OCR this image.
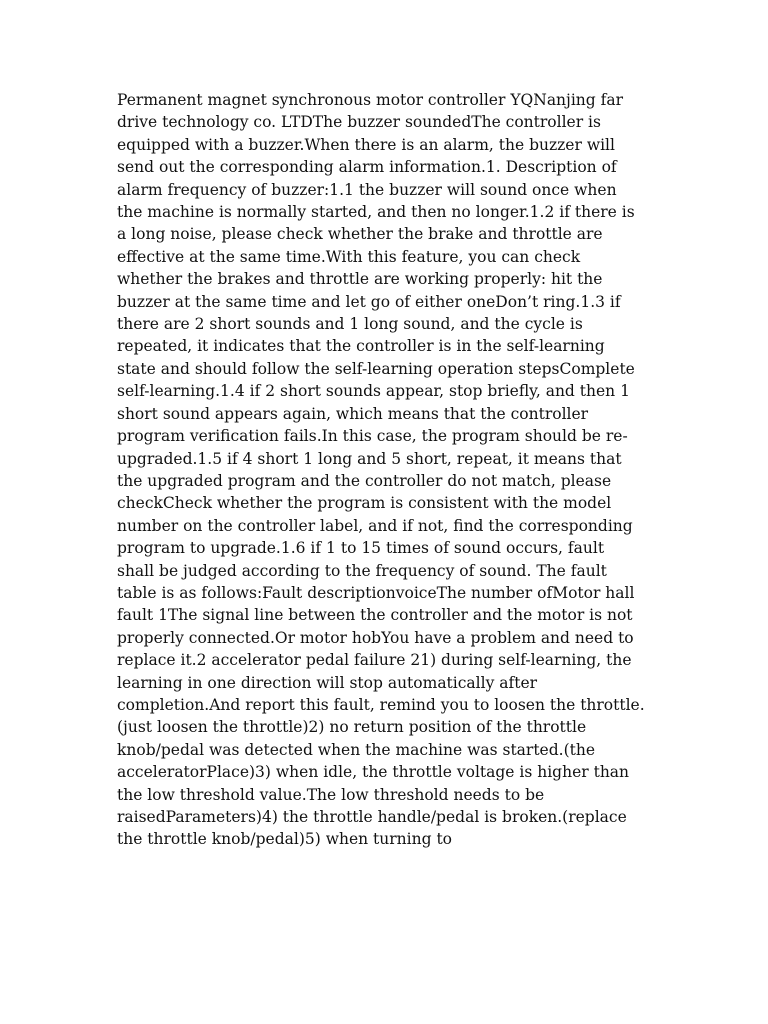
Permanent magnet synchronous motor controller YQNanjing far drive technology co. LTDThe buzzer soundedThe controller is equipped with a buzzer.When there is an alarm, the buzzer will send out the corresponding alarm information.1. Description of alarm frequency of buzzer:1.1 the buzzer will sound once when the machine is normally started, and then no longer.1.2 if there is a long noise, please check whether the brake and throttle are effective at the same time.With this feature, you can check whether the brakes and throttle are working properly: hit the buzzer at the same time and let go of either oneDon’t ring.1.3 if there are 2 short sounds and 1 long sound, and the cycle is repeated, it indicates that the controller is in the self-learning state and should follow the self-learning operation stepsComplete self-learning.1.4 if 2 short sounds appear, stop briefly, and then 1 short sound appears again, which means that the controller program verification fails.In this case, the program should be re-upgraded.1.5 if 4 short 1 long and 5 short, repeat, it means that the upgraded program and the controller do not match, please checkCheck whether the program is consistent with the model number on the controller label, and if not, find the corresponding program to upgrade.1.6 if 1 to 15 times of sound occurs, fault shall be judged according to the frequency of sound. The fault table is as follows:Fault descriptionvoiceThe number ofMotor hall fault 1The signal line between the controller and the motor is not properly connected.Or motor hobYou have a problem and need to replace it.2 accelerator pedal failure 21) during self-learning, the learning in one direction will stop automatically after completion.And report this fault, remind you to loosen the throttle.(just loosen the throttle)2) no return position of the throttle knob/pedal was detected when the machine was started.(the acceleratorPlace)3) when idle, the throttle voltage is higher than the low threshold value.The low threshold needs to be raisedParameters)4) the throttle handle/pedal is broken.(replace the throttle knob/pedal)5) when turning to
